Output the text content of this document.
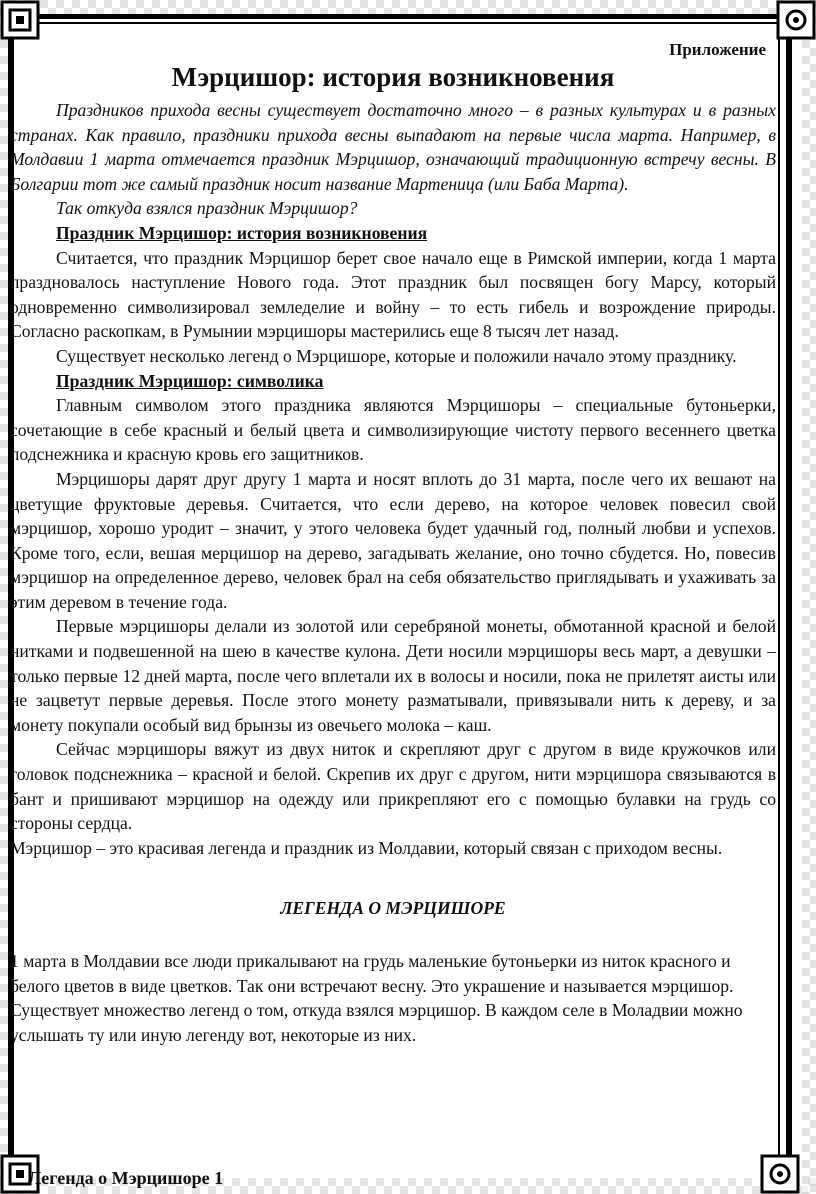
Приложение
Мэрцишор: история возникновения

Праздников прихода весны существует достаточно много – в разных культурах и в разных странах. Как правило, праздники прихода весны выпадают на первые числа марта. Например, в Молдавии 1 марта отмечается праздник Мэрцишор, означающий традиционную встречу весны. В Болгарии тот же самый праздник носит название Мартеница (или Баба Марта).

Так откуда взялся праздник Мэрцишор?

Праздник Мэрцишор: история возникновения

Считается, что праздник Мэрцишор берет свое начало еще в Римской империи, когда 1 марта праздновалось наступление Нового года. Этот праздник был посвящен богу Марсу, который одновременно символизировал земледелие и войну – то есть гибель и возрождение природы. Согласно раскопкам, в Румынии мэрцишоры мастерились еще 8 тысяч лет назад.

Существует несколько легенд о Мэрцишоре, которые и положили начало этому празднику.

Праздник Мэрцишор: символика

Главным символом этого праздника являются Мэрцишоры – специальные бутоньерки, сочетающие в себе красный и белый цвета и символизирующие чистоту первого весеннего цветка подснежника и красную кровь его защитников.

Мэрцишоры дарят друг другу 1 марта и носят вплоть до 31 марта, после чего их вешают на цветущие фруктовые деревья. Считается, что если дерево, на которое человек повесил свой мэрцишор, хорошо уродит – значит, у этого человека будет удачный год, полный любви и успехов. Кроме того, если, вешая мерцишор на дерево, загадывать желание, оно точно сбудется. Но, повесив мэрцишор на определенное дерево, человек брал на себя обязательство приглядывать и ухаживать за этим деревом в течение года.

Первые мэрцишоры делали из золотой или серебряной монеты, обмотанной красной и белой нитками и подвешенной на шею в качестве кулона. Дети носили мэрцишоры весь март, а девушки – только первые 12 дней марта, после чего вплетали их в волосы и носили, пока не прилетят аисты или не зацветут первые деревья. После этого монету разматывали, привязывали нить к дереву, и за монету покупали особый вид брынзы из овечьего молока – каш.

Сейчас мэрцишоры вяжут из двух ниток и скрепляют друг с другом в виде кружочков или головок подснежника – красной и белой. Скрепив их друг с другом, нити мэрцишора связываются в бант и пришивают мэрцишор на одежду или прикрепляют его с помощью булавки на грудь со стороны сердца.

Мэрцишор – это красивая легенда и праздник из Молдавии, который связан с приходом весны.

ЛЕГЕНДА О МЭРЦИШОРЕ

1 марта в Молдавии все люди прикалывают на грудь маленькие бутоньерки из ниток красного и белого цветов в виде цветков. Так они встречают весну. Это украшение и называется мэрцишор. Существует множество легенд о том, откуда взялся мэрцишор. В каждом селе в Моладвии можно услышать ту или иную легенду вот, некоторые из них.

Легенда о Мэрцишоре 1
